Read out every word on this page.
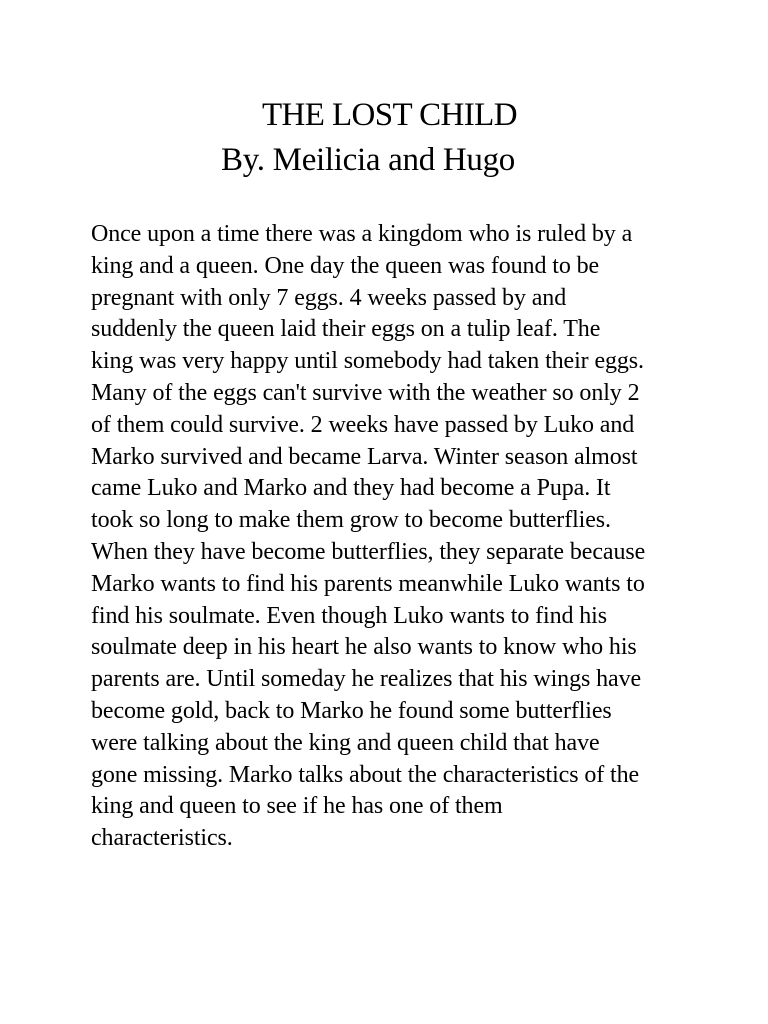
THE LOST CHILD
By. Meilicia and Hugo
Once upon a time there was a kingdom who is ruled by a
king and a queen. One day the queen was found to be
pregnant with only 7 eggs. 4 weeks passed by and
suddenly the queen laid their eggs on a tulip leaf. The
king was very happy until somebody had taken their eggs.
Many of the eggs can't survive with the weather so only 2
of them could survive. 2 weeks have passed by Luko and
Marko survived and became Larva. Winter season almost
came Luko and Marko and they had become a Pupa. It
took so long to make them grow to become butterflies.
When they have become butterflies, they separate because
Marko wants to find his parents meanwhile Luko wants to
find his soulmate. Even though Luko wants to find his
soulmate deep in his heart he also wants to know who his
parents are. Until someday he realizes that his wings have
become gold, back to Marko he found some butterflies
were talking about the king and queen child that have
gone missing. Marko talks about the characteristics of the
king and queen to see if he has one of them
characteristics.
